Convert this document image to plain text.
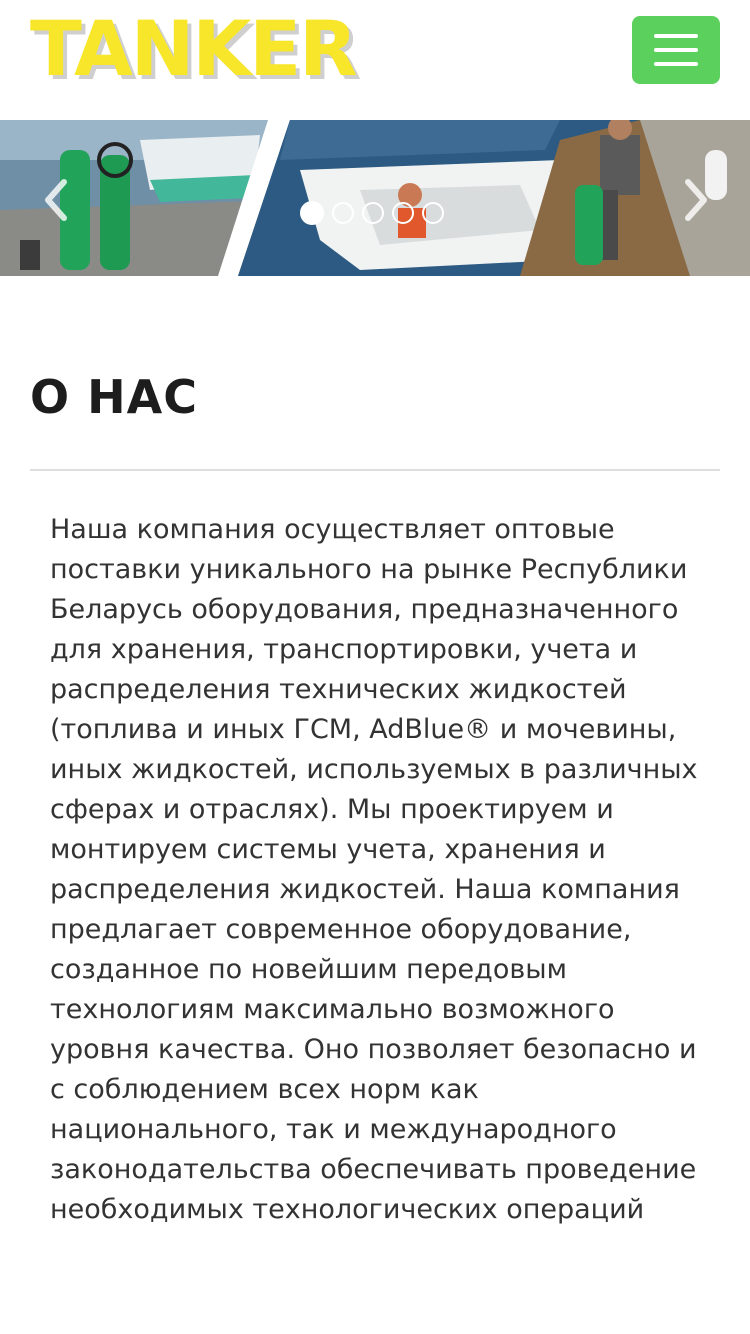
TANKER
О НАС

Наша компания осуществляет оптовые поставки уникального на рынке Республики Беларусь оборудования, предназначенного для хранения, транспортировки, учета и распределения технических жидкостей (топлива и иных ГСМ, AdBlue® и мочевины, иных жидкостей, используемых в различных сферах и отраслях). Мы проектируем и монтируем системы учета, хранения и распределения жидкостей. Наша компания предлагает современное оборудование, созданное по новейшим передовым технологиям максимально возможного уровня качества. Оно позволяет безопасно и с соблюдением всех норм как национального, так и международного законодательства обеспечивать проведение необходимых технологических операций
